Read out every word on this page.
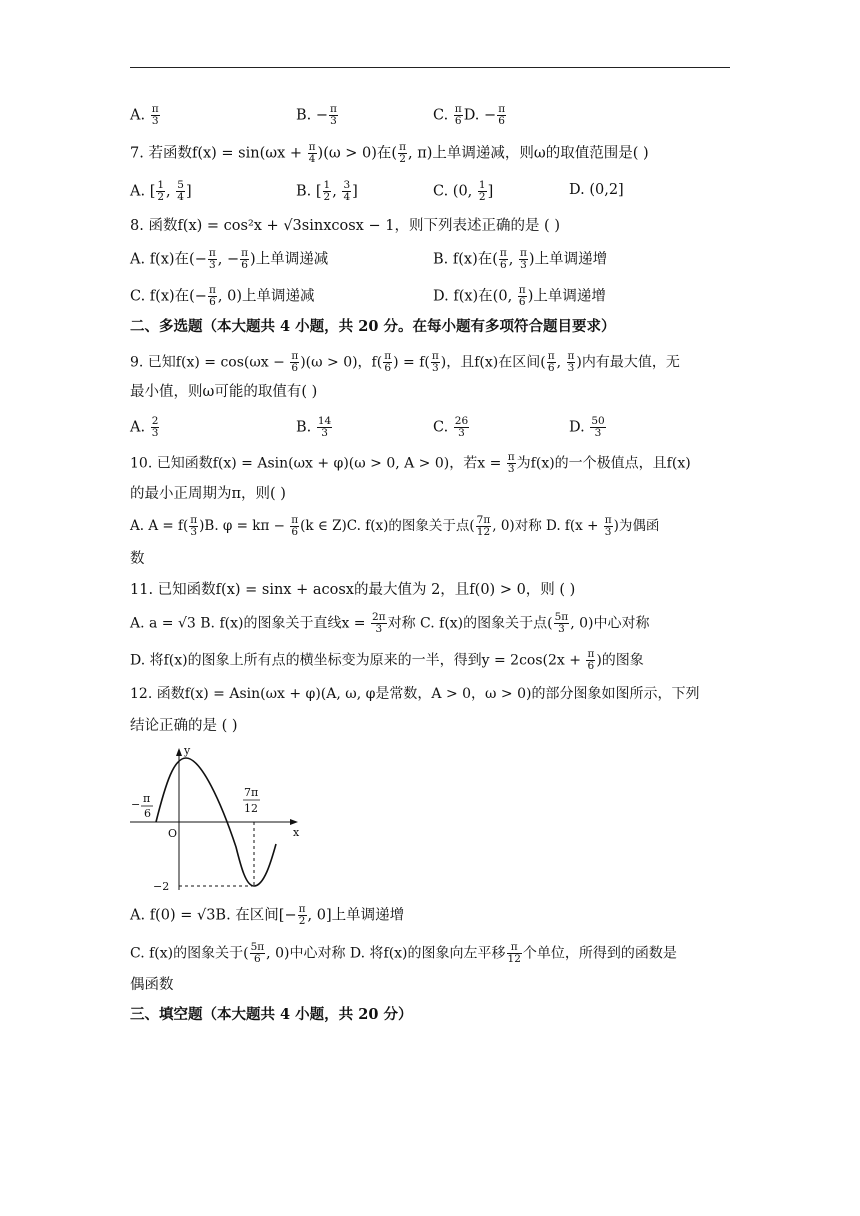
A. $\frac{\pi}{3}$	B. − $\frac{\pi}{3}$	C. $\frac{\pi}{6} D$. − $\frac{\pi}{6}$
7. 若函数$f(x) = \sin(\omega x + \frac{\pi}{4} )(\omega > 0)$在( $\frac{\pi}{2}$ , π)上单调递减，则ω的取值范围是( )
A. [ $\frac{1}{2}$ , $\frac{5}{4}$ ]	B. [ $\frac{1}{2}$ , $\frac{3}{4}$ ]	C. (0, $\frac{1}{2}$ ]	D. (0,2]
8. 函数f(x) = cos²x + √3sinxcosx − 1，则下列表述正确的是 ( )
A. f(x)在(− $\frac{\pi}{3}$ , − $\frac{\pi}{6}$ )上单调递减	B. f(x)在( $\frac{\pi}{6}$ , $\frac{\pi}{3}$ )上单调递增
C. f(x)在(− $\frac{\pi}{6}$ , 0)上单调递减	D. f(x)在(0, $\frac{\pi}{6}$ )上单调递增
二、多选题（本大题共 4 小题，共 20 分。在每小题有多项符合题目要求）
9. 已知$f(x) = \cos(\omega x - \frac{\pi}{6} )(\omega > 0)$，$f( \frac{\pi}{6}$ ) = $f( \frac{\pi}{3}$ )，且f(x)在区间( $\frac{\pi}{6}$ , $\frac{\pi}{3}$ )内有最大值，无
最小值，则ω可能的取值有( )
A. $\frac{2}{3}$	B. $\frac{14}{3}$	C. $\frac{26}{3}$	D. $\frac{50}{3}$
10. 已知函数f(x) = Asin(ωx + φ)(ω > 0, A > 0)，若$x = \frac{\pi}{3}$ 为f(x)的一个极值点，且f(x)
的最小正周期为π，则( )
A. $A = f( \frac{\pi}{3} )B$. $\varphi = k\pi - \frac{\pi}{6} (k$ ∈ Z)C. f(x)的图象关于点( $\frac{7\pi}{12}$ , 0)对称 D. $f(x + \frac{\pi}{3}$ )为偶函
数
11. 已知函数f(x) = sinx + acosx的最大值为 2，且f(0) > 0，则 ( )
A. a = √3 B. f(x)的图象关于直线$x = \frac{2\pi}{3}$ 对称 C. f(x)的图象关于点( $\frac{5\pi}{3}$ , 0)中心对称
D. 将f(x)的图象上所有点的横坐标变为原来的一半，得到$y = 2\cos(2x + \frac{\pi}{6}$ )的图象
12. 函数f(x) = Asin(ωx + φ)(A, ω, φ是常数，A > 0，ω > 0)的部分图象如图所示，下列
结论正确的是 ( )
y
x
O
− π
6
7π
12
−2
A. f(0) = √3B. 在区间[− $\frac{\pi}{2}$ , 0]上单调递增
C. f(x)的图象关于( $\frac{5\pi}{6}$ , 0)中心对称 D. 将f(x)的图象向左平移 $\frac{\pi}{12}$ 个单位，所得到的函数是
偶函数
三、填空题（本大题共 4 小题，共 20 分）
